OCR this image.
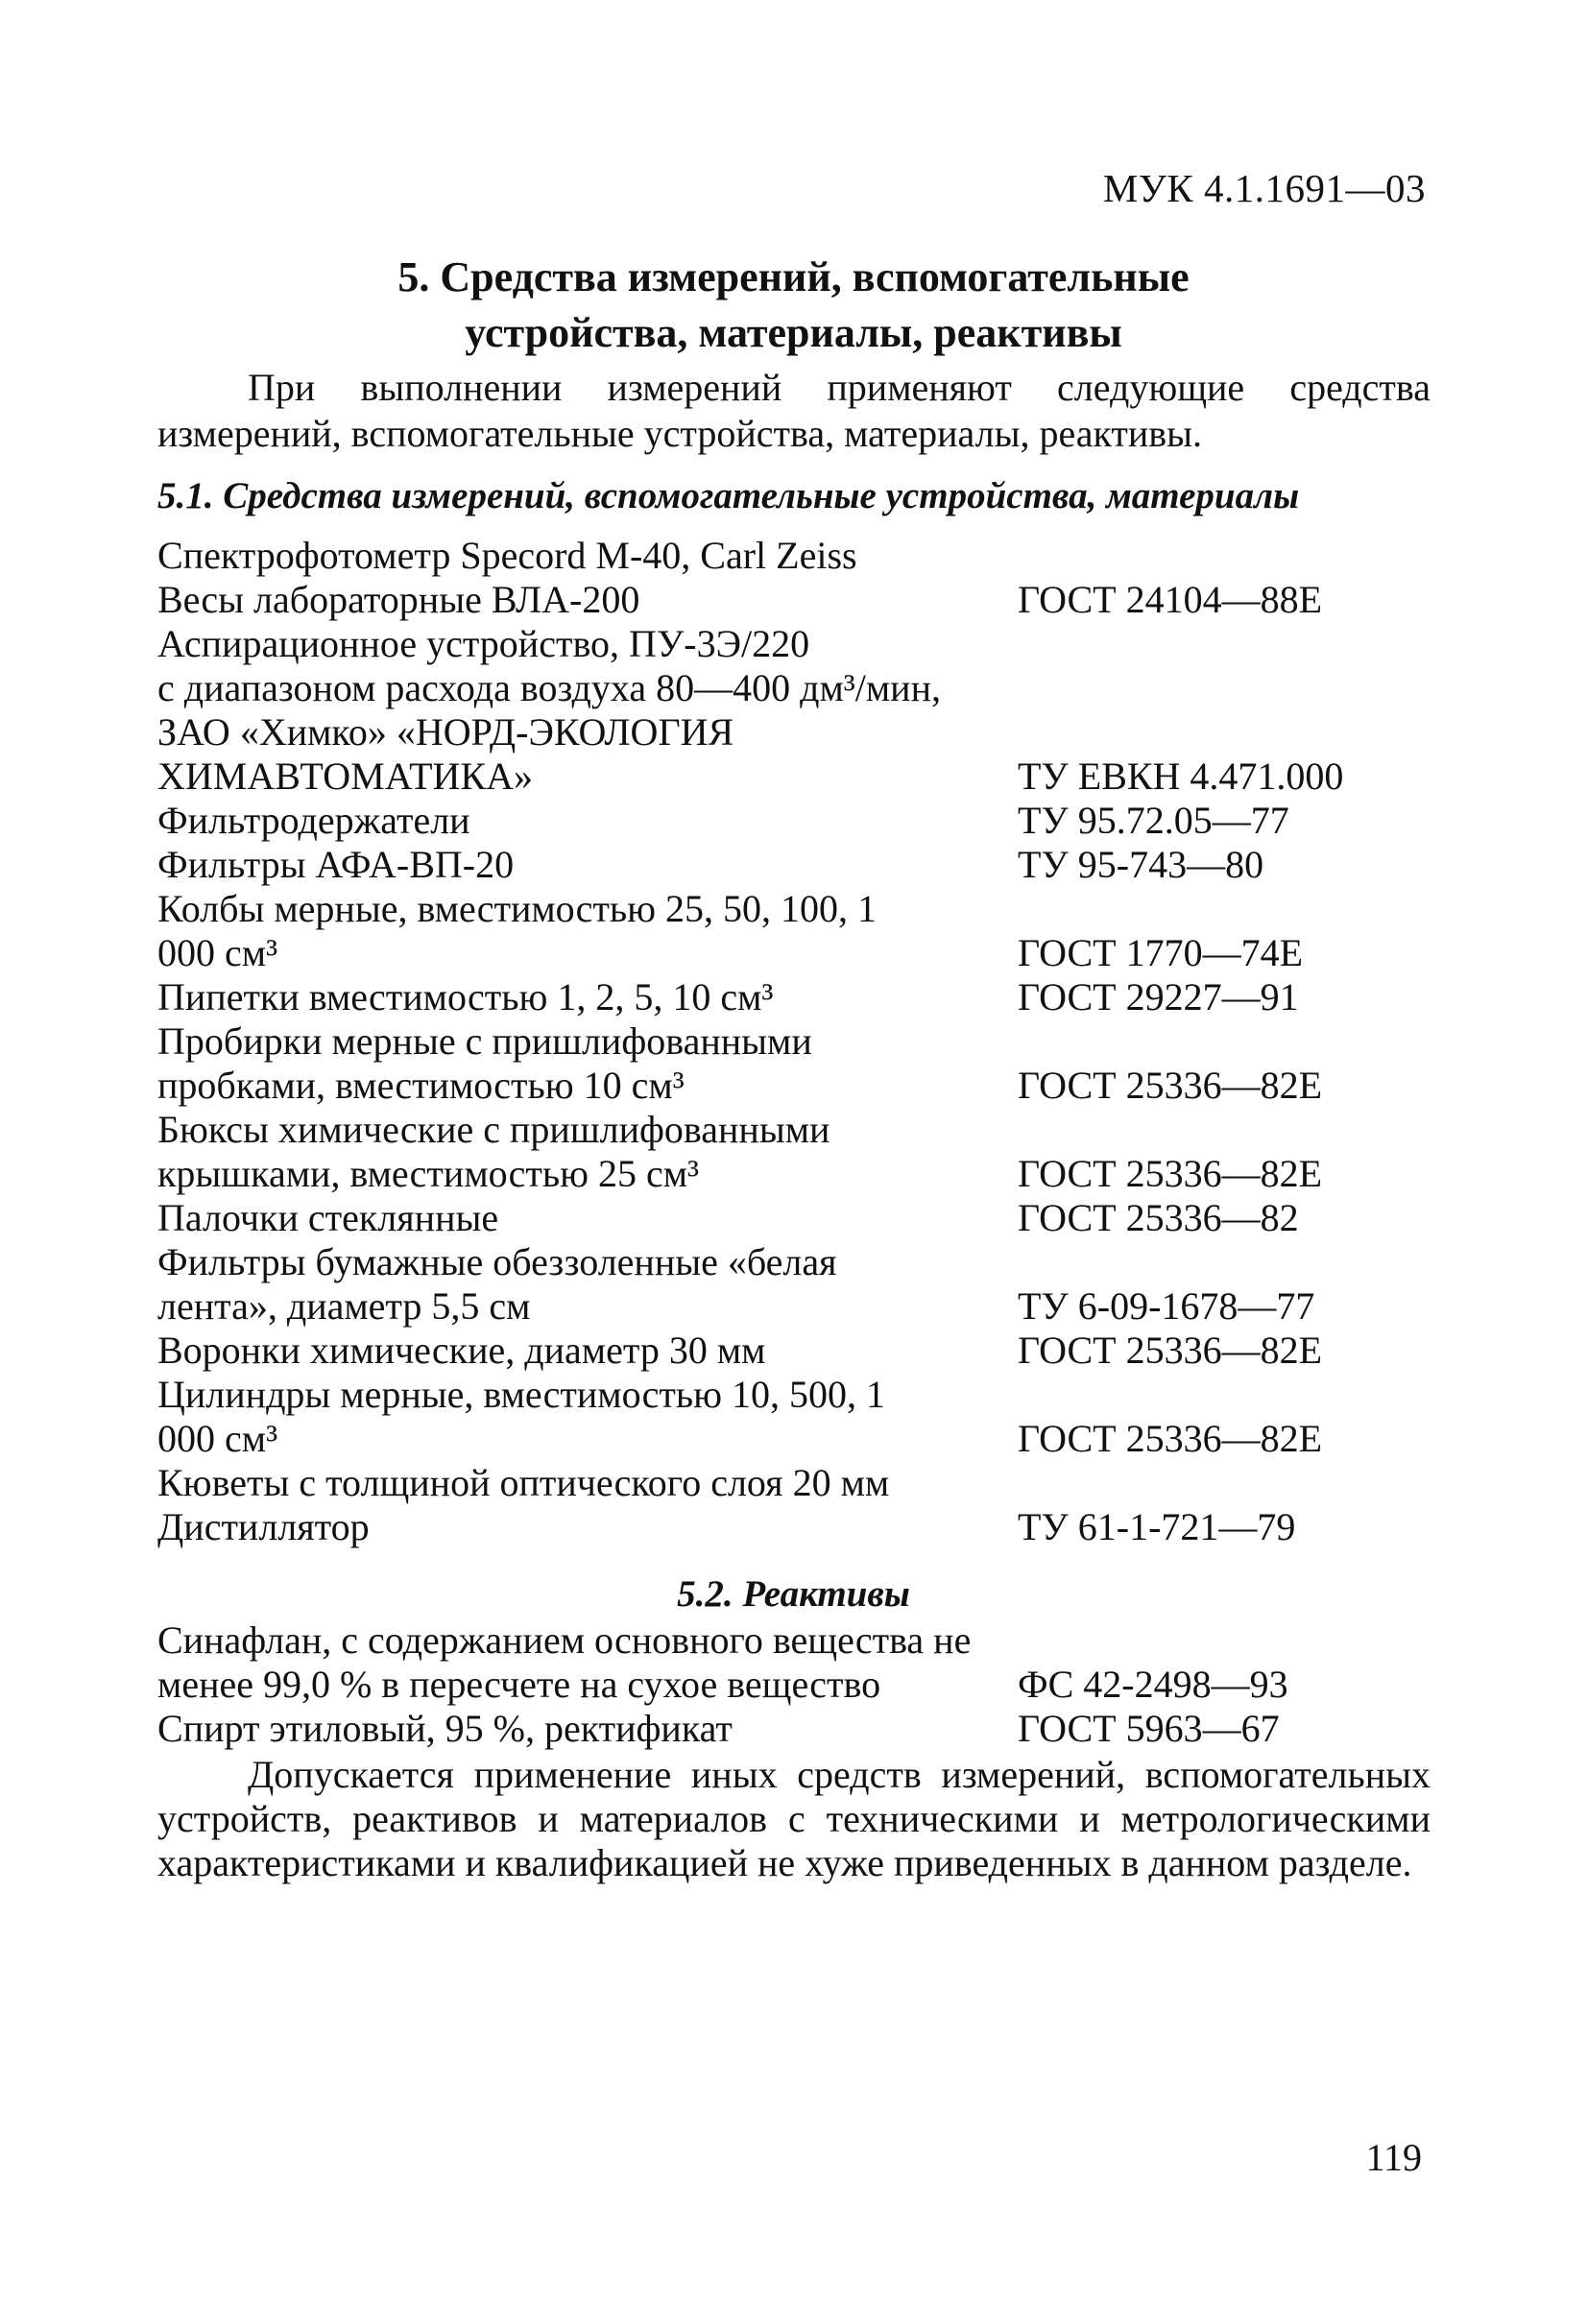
МУК 4.1.1691—03
5. Средства измерений, вспомогательные
устройства, материалы, реактивы
При выполнении измерений применяют следующие средства измерений, вспомогательные устройства, материалы, реактивы.
5.1. Средства измерений, вспомогательные устройства, материалы
Спектрофотометр Specord М-40, Carl Zeiss
Весы лабораторные ВЛА-200	ГОСТ 24104—88Е
Аспирационное устройство, ПУ-3Э/220
с диапазоном расхода воздуха 80—400 дм³/мин,
ЗАО «Химко» «НОРД-ЭКОЛОГИЯ ХИМАВТОМАТИКА»	ТУ ЕВКН 4.471.000
Фильтродержатели	ТУ 95.72.05—77
Фильтры АФА-ВП-20	ТУ 95-743—80
Колбы мерные, вместимостью 25, 50, 100, 1 000 см³	ГОСТ 1770—74Е
Пипетки вместимостью 1, 2, 5, 10 см³	ГОСТ 29227—91
Пробирки мерные с пришлифованными пробками, вместимостью 10 см³	ГОСТ 25336—82Е
Бюксы химические с пришлифованными крышками, вместимостью 25 см³	ГОСТ 25336—82Е
Палочки стеклянные	ГОСТ 25336—82
Фильтры бумажные обеззоленные «белая лента», диаметр 5,5 см	ТУ 6-09-1678—77
Воронки химические, диаметр 30 мм	ГОСТ 25336—82Е
Цилиндры мерные, вместимостью 10, 500, 1 000 см³	ГОСТ 25336—82Е
Кюветы с толщиной оптического слоя 20 мм
Дистиллятор	ТУ 61-1-721—79
5.2. Реактивы
Синафлан, с содержанием основного вещества не менее 99,0 % в пересчете на сухое вещество	ФС 42-2498—93
Спирт этиловый, 95 %, ректификат	ГОСТ 5963—67
Допускается применение иных средств измерений, вспомогательных устройств, реактивов и материалов с техническими и метрологическими характеристиками и квалификацией не хуже приведенных в данном разделе.
119
